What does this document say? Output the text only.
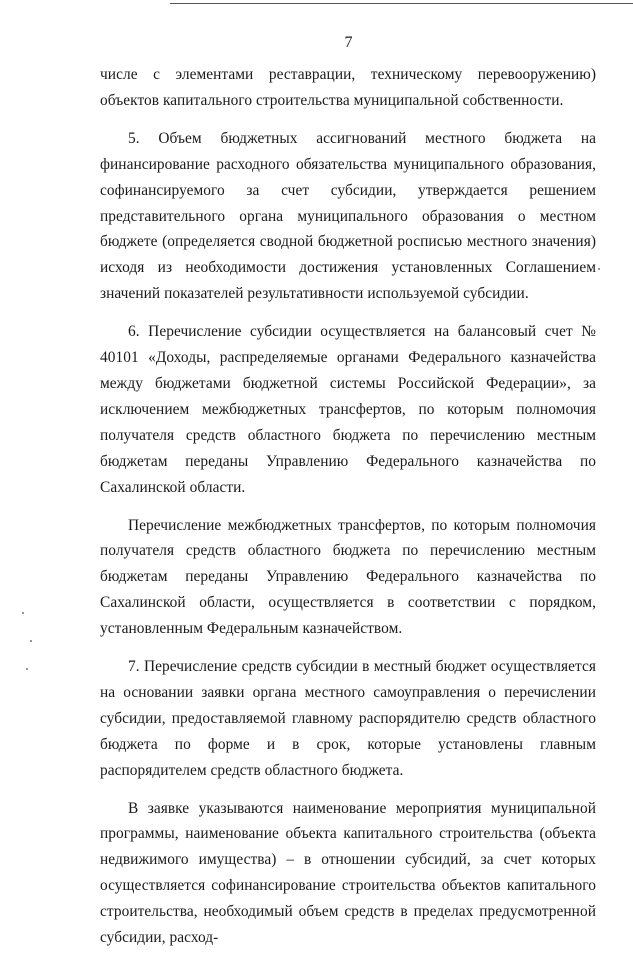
7

числе с элементами реставрации, техническому перевооружению) объектов капитального строительства муниципальной собственности.

5. Объем бюджетных ассигнований местного бюджета на финансирование расходного обязательства муниципального образования, софинансируемого за счет субсидии, утверждается решением представительного органа муниципального образования о местном бюджете (определяется сводной бюджетной росписью местного значения) исходя из необходимости достижения установленных Соглашением значений показателей результативности используемой субсидии.

6. Перечисление субсидии осуществляется на балансовый счет № 40101 «Доходы, распределяемые органами Федерального казначейства между бюджетами бюджетной системы Российской Федерации», за исключением межбюджетных трансфертов, по которым полномочия получателя средств областного бюджета по перечислению местным бюджетам переданы Управлению Федерального казначейства по Сахалинской области.

Перечисление межбюджетных трансфертов, по которым полномочия получателя средств областного бюджета по перечислению местным бюджетам переданы Управлению Федерального казначейства по Сахалинской области, осуществляется в соответствии с порядком, установленным Федеральным казначейством.

7. Перечисление средств субсидии в местный бюджет осуществляется на основании заявки органа местного самоуправления о перечислении субсидии, предоставляемой главному распорядителю средств областного бюджета по форме и в срок, которые установлены главным распорядителем средств областного бюджета.

В заявке указываются наименование мероприятия муниципальной программы, наименование объекта капитального строительства (объекта недвижимого имущества) – в отношении субсидий, за счет которых осуществляется софинансирование строительства объектов капитального строительства, необходимый объем средств в пределах предусмотренной субсидии, расход-
